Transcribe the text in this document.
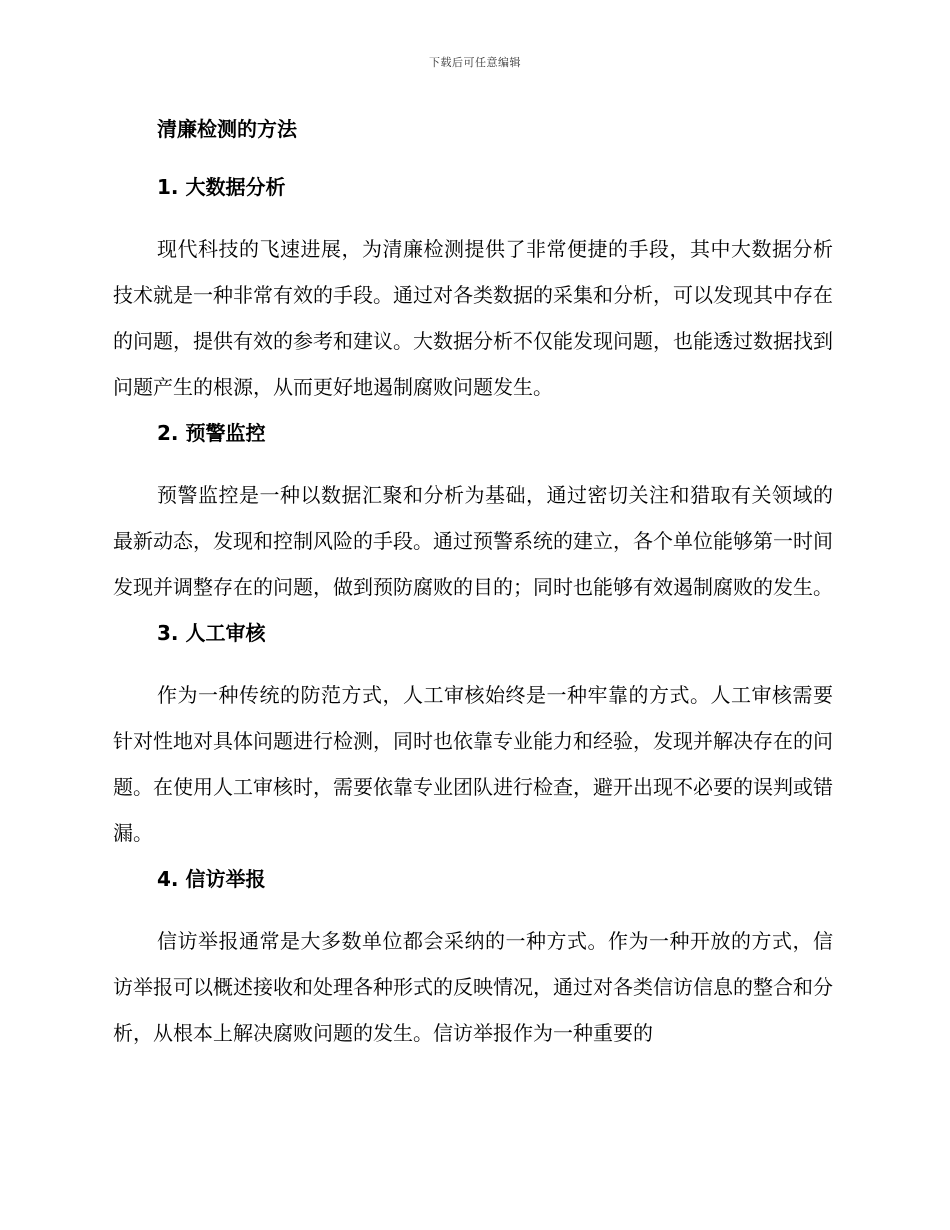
下载后可任意编辑
清廉检测的方法
1. 大数据分析

现代科技的飞速进展，为清廉检测提供了非常便捷的手段，其中大数据分析技术就是一种非常有效的手段。通过对各类数据的采集和分析，可以发现其中存在的问题，提供有效的参考和建议。大数据分析不仅能发现问题，也能透过数据找到问题产生的根源，从而更好地遏制腐败问题发生。

2. 预警监控

预警监控是一种以数据汇聚和分析为基础，通过密切关注和猎取有关领域的最新动态，发现和控制风险的手段。通过预警系统的建立，各个单位能够第一时间发现并调整存在的问题，做到预防腐败的目的；同时也能够有效遏制腐败的发生。

3. 人工审核

作为一种传统的防范方式，人工审核始终是一种牢靠的方式。人工审核需要针对性地对具体问题进行检测，同时也依靠专业能力和经验，发现并解决存在的问题。在使用人工审核时，需要依靠专业团队进行检查，避开出现不必要的误判或错漏。

4. 信访举报

信访举报通常是大多数单位都会采纳的一种方式。作为一种开放的方式，信访举报可以概述接收和处理各种形式的反映情况，通过对各类信访信息的整合和分析，从根本上解决腐败问题的发生。信访举报作为一种重要的
